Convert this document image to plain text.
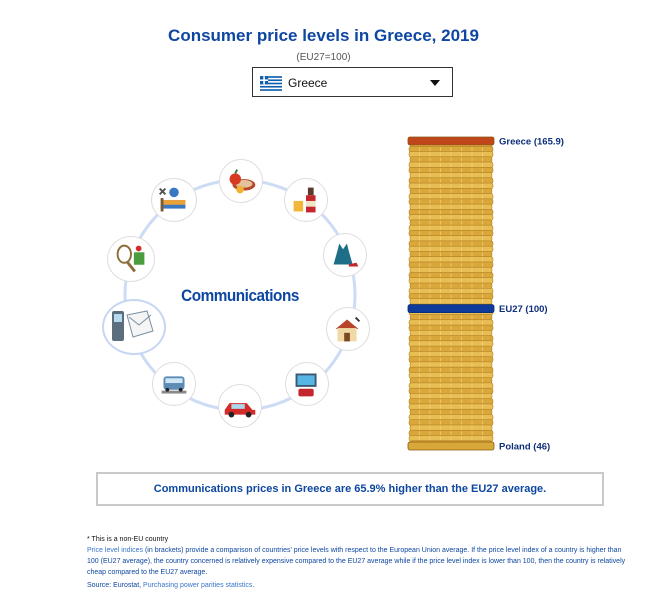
Consumer price levels in Greece, 2019
(EU27=100)
Greece
Communications
Greece (165.9)
EU27 (100)
Poland (46)
Communications prices in Greece are 65.9% higher than the EU27 average.
* This is a non-EU country
Price level indices (in brackets) provide a comparison of countries' price levels with respect to the European Union average. If the price level index of a country is higher than 100 (EU27 average), the country concerned is relatively expensive compared to the EU27 average while if the price level index is lower than 100, then the country is relatively cheap compared to the EU27 average.
Source: Eurostat, Purchasing power parities statistics.
